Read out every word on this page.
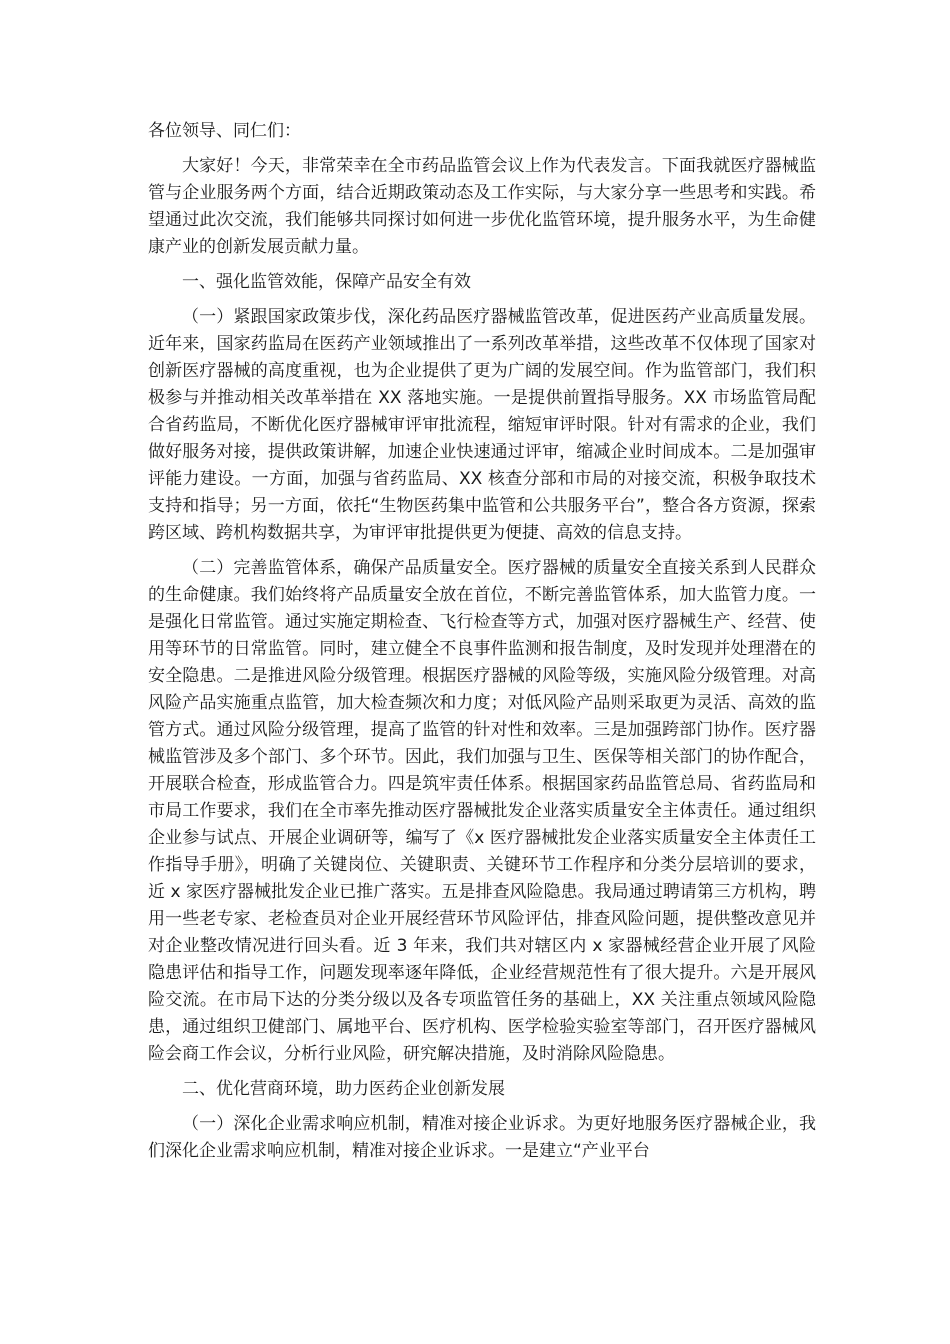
各位领导、同仁们：

大家好！今天，非常荣幸在全市药品监管会议上作为代表发言。下面我就医疗器械监管与企业服务两个方面，结合近期政策动态及工作实际，与大家分享一些思考和实践。希望通过此次交流，我们能够共同探讨如何进一步优化监管环境，提升服务水平，为生命健康产业的创新发展贡献力量。

一、强化监管效能，保障产品安全有效

（一）紧跟国家政策步伐，深化药品医疗器械监管改革，促进医药产业高质量发展。近年来，国家药监局在医药产业领域推出了一系列改革举措，这些改革不仅体现了国家对创新医疗器械的高度重视，也为企业提供了更为广阔的发展空间。作为监管部门，我们积极参与并推动相关改革举措在 XX 落地实施。一是提供前置指导服务。XX 市场监管局配合省药监局，不断优化医疗器械审评审批流程，缩短审评时限。针对有需求的企业，我们做好服务对接，提供政策讲解，加速企业快速通过评审，缩减企业时间成本。二是加强审评能力建设。一方面，加强与省药监局、XX 核查分部和市局的对接交流，积极争取技术支持和指导；另一方面，依托“生物医药集中监管和公共服务平台”，整合各方资源，探索跨区域、跨机构数据共享，为审评审批提供更为便捷、高效的信息支持。

（二）完善监管体系，确保产品质量安全。医疗器械的质量安全直接关系到人民群众的生命健康。我们始终将产品质量安全放在首位，不断完善监管体系，加大监管力度。一是强化日常监管。通过实施定期检查、飞行检查等方式，加强对医疗器械生产、经营、使用等环节的日常监管。同时，建立健全不良事件监测和报告制度，及时发现并处理潜在的安全隐患。二是推进风险分级管理。根据医疗器械的风险等级，实施风险分级管理。对高风险产品实施重点监管，加大检查频次和力度；对低风险产品则采取更为灵活、高效的监管方式。通过风险分级管理，提高了监管的针对性和效率。三是加强跨部门协作。医疗器械监管涉及多个部门、多个环节。因此，我们加强与卫生、医保等相关部门的协作配合，开展联合检查，形成监管合力。四是筑牢责任体系。根据国家药品监管总局、省药监局和市局工作要求，我们在全市率先推动医疗器械批发企业落实质量安全主体责任。通过组织企业参与试点、开展企业调研等，编写了《x 医疗器械批发企业落实质量安全主体责任工作指导手册》，明确了关键岗位、关键职责、关键环节工作程序和分类分层培训的要求，近 x 家医疗器械批发企业已推广落实。五是排查风险隐患。我局通过聘请第三方机构，聘用一些老专家、老检查员对企业开展经营环节风险评估，排查风险问题，提供整改意见并对企业整改情况进行回头看。近 3 年来，我们共对辖区内 x 家器械经营企业开展了风险隐患评估和指导工作，问题发现率逐年降低，企业经营规范性有了很大提升。六是开展风险交流。在市局下达的分类分级以及各专项监管任务的基础上，XX 关注重点领域风险隐患，通过组织卫健部门、属地平台、医疗机构、医学检验实验室等部门，召开医疗器械风险会商工作会议，分析行业风险，研究解决措施，及时消除风险隐患。

二、优化营商环境，助力医药企业创新发展

（一）深化企业需求响应机制，精准对接企业诉求。为更好地服务医疗器械企业，我们深化企业需求响应机制，精准对接企业诉求。一是建立“产业平台
